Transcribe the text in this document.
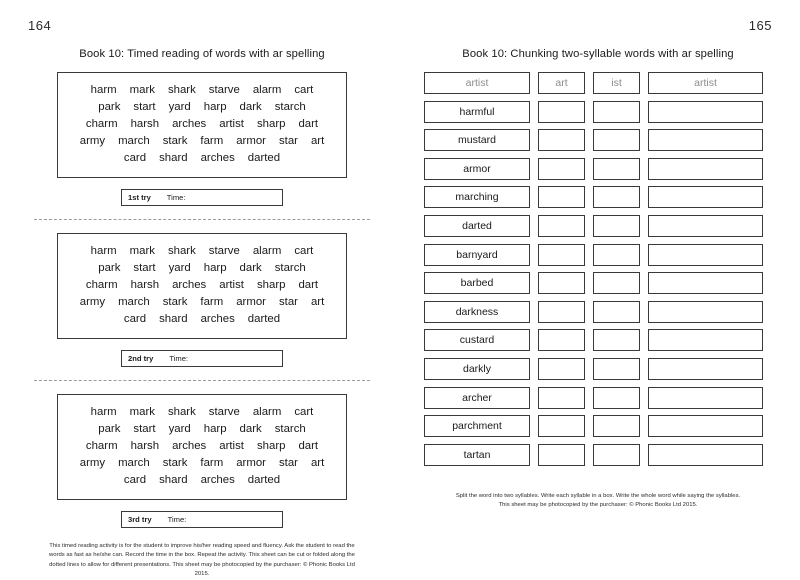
164
Book 10: Timed reading of words with ar spelling
harm mark shark starve alarm cart
park start yard harp dark starch
charm harsh arches artist sharp dart
army march stark farm armor star art
card shard arches darted
1st try Time:
harm mark shark starve alarm cart
park start yard harp dark starch
charm harsh arches artist sharp dart
army march stark farm armor star art
card shard arches darted
2nd try Time:
harm mark shark starve alarm cart
park start yard harp dark starch
charm harsh arches artist sharp dart
army march stark farm armor star art
card shard arches darted
3rd try Time:
This timed reading activity is for the student to improve his/her reading speed and fluency. Ask the student to read the words as fast as he/she can. Record the time in the box. Repeat the activity. This sheet can be cut or folded along the dotted lines to allow for different presentations. This sheet may be photocopied by the purchaser: © Phonic Books Ltd 2015.
165
Book 10: Chunking two-syllable words with ar spelling
artist	art	ist	artist
harmful
mustard
armor
marching
darted
barnyard
barbed
darkness
custard
darkly
archer
parchment
tartan
Split the word into two syllables. Write each syllable in a box. Write the whole word while saying the syllables. This sheet may be photocopied by the purchaser: © Phonic Books Ltd 2015.
